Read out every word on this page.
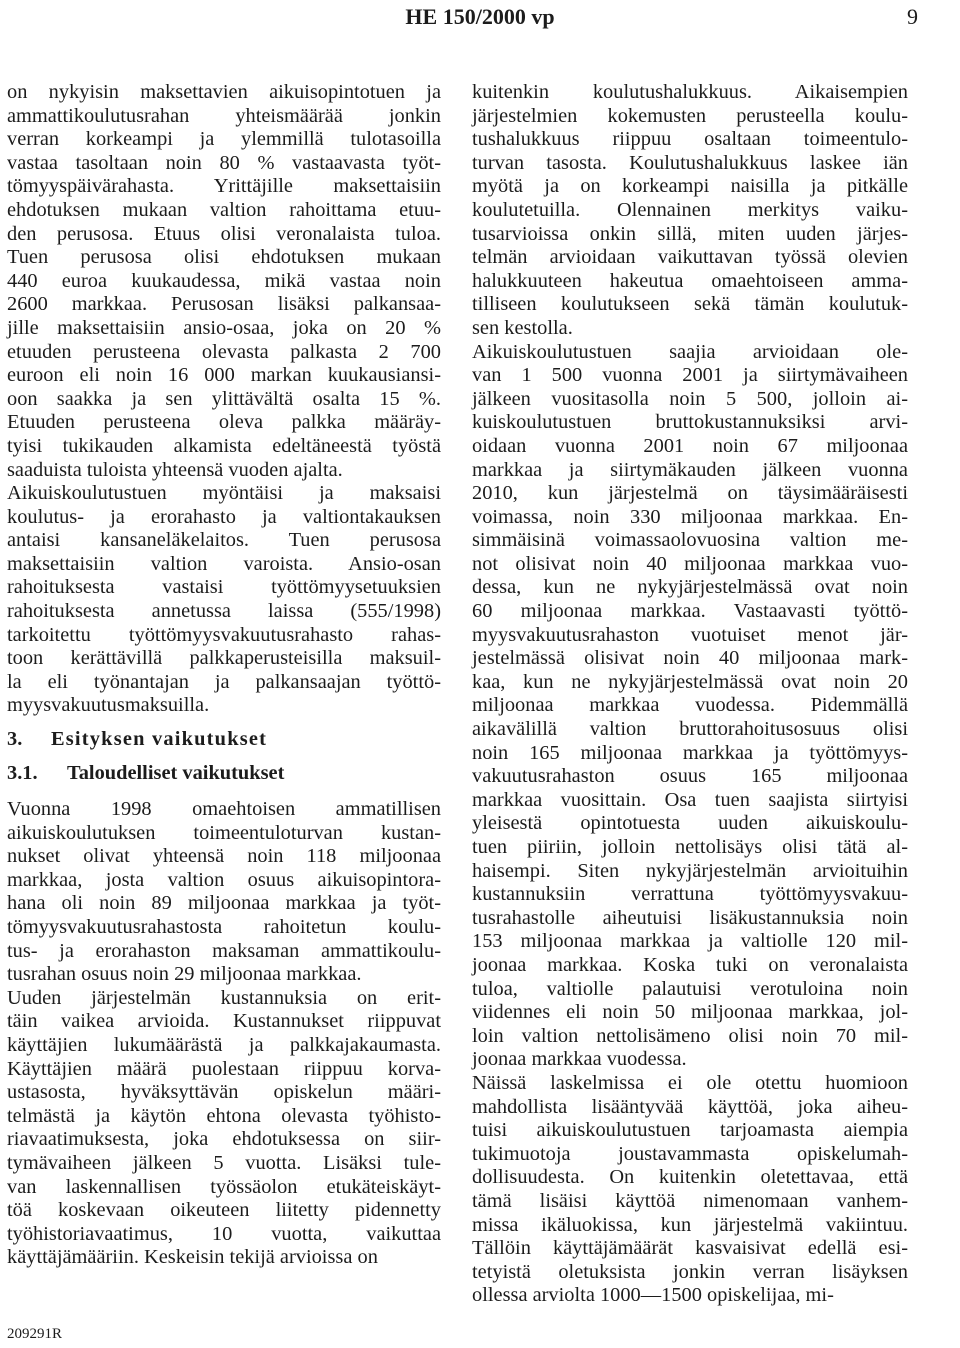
HE 150/2000 vp	9
on nykyisin maksettavien aikuisopintotuen ja
ammattikoulutusrahan yhteismäärää jonkin
verran korkeampi ja ylemmillä tulotasoilla
vastaa tasoltaan noin 80 % vastaavasta työt-
tömyyspäivärahasta. Yrittäjille maksettaisiin
ehdotuksen mukaan valtion rahoittama etuu-
den perusosa. Etuus olisi veronalaista tuloa.
Tuen perusosa olisi ehdotuksen mukaan
440 euroa kuukaudessa, mikä vastaa noin
2600 markkaa. Perusosan lisäksi palkansaa-
jille maksettaisiin ansio-osaa, joka on 20 %
etuuden perusteena olevasta palkasta 2 700
euroon eli noin 16 000 markan kuukausiansi-
oon saakka ja sen ylittävältä osalta 15 %.
Etuuden perusteena oleva palkka määräy-
tyisi tukikauden alkamista edeltäneestä työstä
saaduista tuloista yhteensä vuoden ajalta.
Aikuiskoulutustuen myöntäisi ja maksaisi
koulutus- ja erorahasto ja valtiontakauksen
antaisi kansaneläkelaitos. Tuen perusosa
maksettaisiin valtion varoista. Ansio-osan
rahoituksesta vastaisi työttömyysetuuksien
rahoituksesta annetussa laissa (555/1998)
tarkoitettu työttömyysvakuutusrahasto rahas-
toon kerättävillä palkkaperusteisilla maksuil-
la eli työnantajan ja palkansaajan työttö-
myysvakuutusmaksuilla.
3. Esityksen vaikutukset
3.1. Taloudelliset vaikutukset
Vuonna 1998 omaehtoisen ammatillisen
aikuiskoulutuksen toimeentuloturvan kustan-
nukset olivat yhteensä noin 118 miljoonaa
markkaa, josta valtion osuus aikuisopintora-
hana oli noin 89 miljoonaa markkaa ja työt-
tömyysvakuutusrahastosta rahoitetun koulu-
tus- ja erorahaston maksaman ammattikoulu-
tusrahan osuus noin 29 miljoonaa markkaa.
Uuden järjestelmän kustannuksia on erit-
täin vaikea arvioida. Kustannukset riippuvat
käyttäjien lukumäärästä ja palkkajakaumasta.
Käyttäjien määrä puolestaan riippuu korva-
ustasosta, hyväksyttävän opiskelun määri-
telmästä ja käytön ehtona olevasta työhisto-
riavaatimuksesta, joka ehdotuksessa on siir-
tymävaiheen jälkeen 5 vuotta. Lisäksi tule-
van laskennallisen työssäolon etukäteiskäyt-
töä koskevaan oikeuteen liitetty pidennetty
työhistoriavaatimus, 10 vuotta, vaikuttaa
käyttäjämääriin. Keskeisin tekijä arvioissa on
kuitenkin koulutushalukkuus. Aikaisempien
järjestelmien kokemusten perusteella koulu-
tushalukkuus riippuu osaltaan toimeentulo-
turvan tasosta. Koulutushalukkuus laskee iän
myötä ja on korkeampi naisilla ja pitkälle
koulutetuilla. Olennainen merkitys vaiku-
tusarvioissa onkin sillä, miten uuden järjes-
telmän arvioidaan vaikuttavan työssä olevien
halukkuuteen hakeutua omaehtoiseen amma-
tilliseen koulutukseen sekä tämän koulutuk-
sen kestolla.
Aikuiskoulutustuen saajia arvioidaan ole-
van 1 500 vuonna 2001 ja siirtymävaiheen
jälkeen vuositasolla noin 5 500, jolloin ai-
kuiskoulutustuen bruttokustannuksiksi arvi-
oidaan vuonna 2001 noin 67 miljoonaa
markkaa ja siirtymäkauden jälkeen vuonna
2010, kun järjestelmä on täysimääräisesti
voimassa, noin 330 miljoonaa markkaa. En-
simmäisinä voimassaolovuosina valtion me-
not olisivat noin 40 miljoonaa markkaa vuo-
dessa, kun ne nykyjärjestelmässä ovat noin
60 miljoonaa markkaa. Vastaavasti työttö-
myysvakuutusrahaston vuotuiset menot jär-
jestelmässä olisivat noin 40 miljoonaa mark-
kaa, kun ne nykyjärjestelmässä ovat noin 20
miljoonaa markkaa vuodessa. Pidemmällä
aikavälillä valtion bruttorahoitusosuus olisi
noin 165 miljoonaa markkaa ja työttömyys-
vakuutusrahaston osuus 165 miljoonaa
markkaa vuosittain. Osa tuen saajista siirtyisi
yleisestä opintotuesta uuden aikuiskoulu-
tuen piiriin, jolloin nettolisäys olisi tätä al-
haisempi. Siten nykyjärjestelmän arvioituihin
kustannuksiin verrattuna työttömyysvakuu-
tusrahastolle aiheutuisi lisäkustannuksia noin
153 miljoonaa markkaa ja valtiolle 120 mil-
joonaa markkaa. Koska tuki on veronalaista
tuloa, valtiolle palautuisi verotuloina noin
viidennes eli noin 50 miljoonaa markkaa, jol-
loin valtion nettolisämeno olisi noin 70 mil-
joonaa markkaa vuodessa.
Näissä laskelmissa ei ole otettu huomioon
mahdollista lisääntyvää käyttöä, joka aiheu-
tuisi aikuiskoulutustuen tarjoamasta aiempia
tukimuotoja joustavammasta opiskelumah-
dollisuudesta. On kuitenkin oletettavaa, että
tämä lisäisi käyttöä nimenomaan vanhem-
missa ikäluokissa, kun järjestelmä vakiintuu.
Tällöin käyttäjämäärät kasvaisivat edellä esi-
tetyistä oletuksista jonkin verran lisäyksen
ollessa arviolta 1000—1500 opiskelijaa, mi-
209291R
